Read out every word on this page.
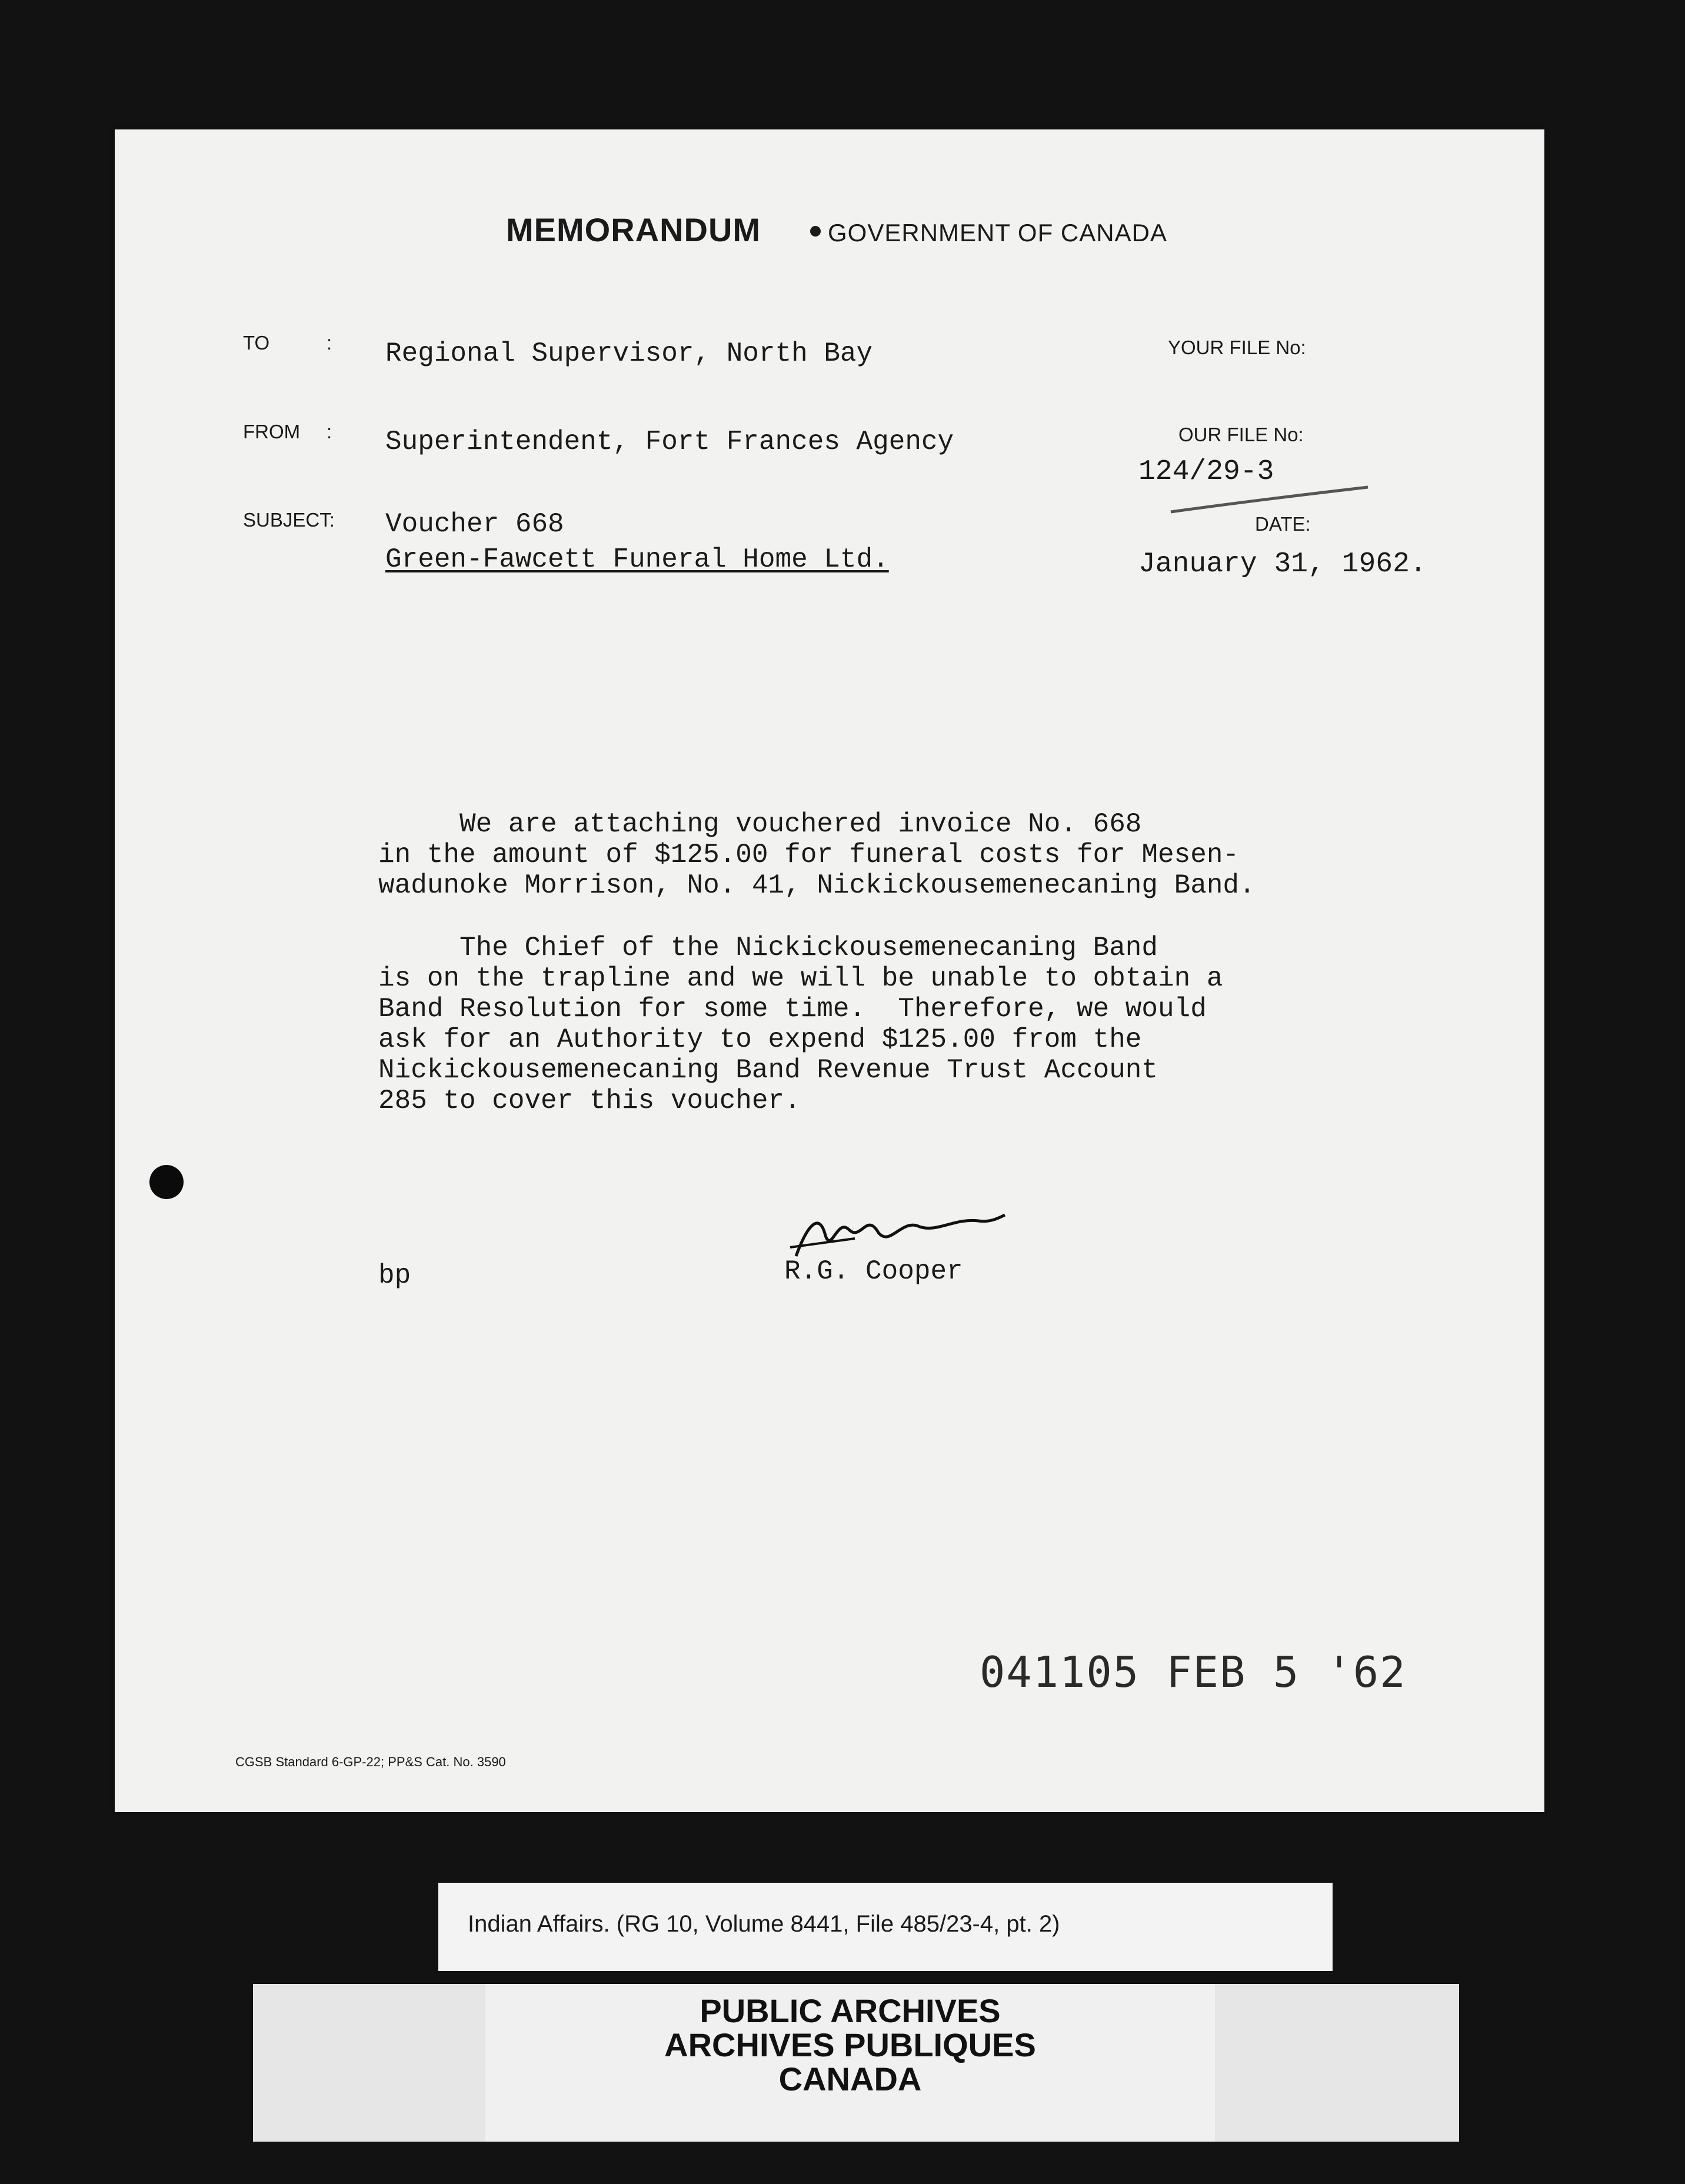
MEMORANDUM	GOVERNMENT OF CANADA
TO	: Regional Supervisor, North Bay
FROM : Superintendent, Fort Frances Agency
SUBJECT: Voucher 668
Green-Fawcett Funeral Home Ltd.
YOUR FILE No:
OUR FILE No:
124/29-3
DATE:
January 31, 1962.
We are attaching vouchered invoice No. 668
in the amount of $125.00 for funeral costs for Mesen-
wadunoke Morrison, No. 41, Nickickousemenecaning Band.
The Chief of the Nickickousemenecaning Band
is on the trapline and we will be unable to obtain a
Band Resolution for some time.  Therefore, we would
ask for an Authority to expend $125.00 from the
Nickickousemenecaning Band Revenue Trust Account
285 to cover this voucher.
R.G. Cooper
bp
041105 FEB 5 '62
CGSB Standard 6-GP-22; PP&S Cat. No. 3590
Indian Affairs. (RG 10, Volume 8441, File 485/23-4, pt. 2)
PUBLIC ARCHIVES
ARCHIVES PUBLIQUES
CANADA
